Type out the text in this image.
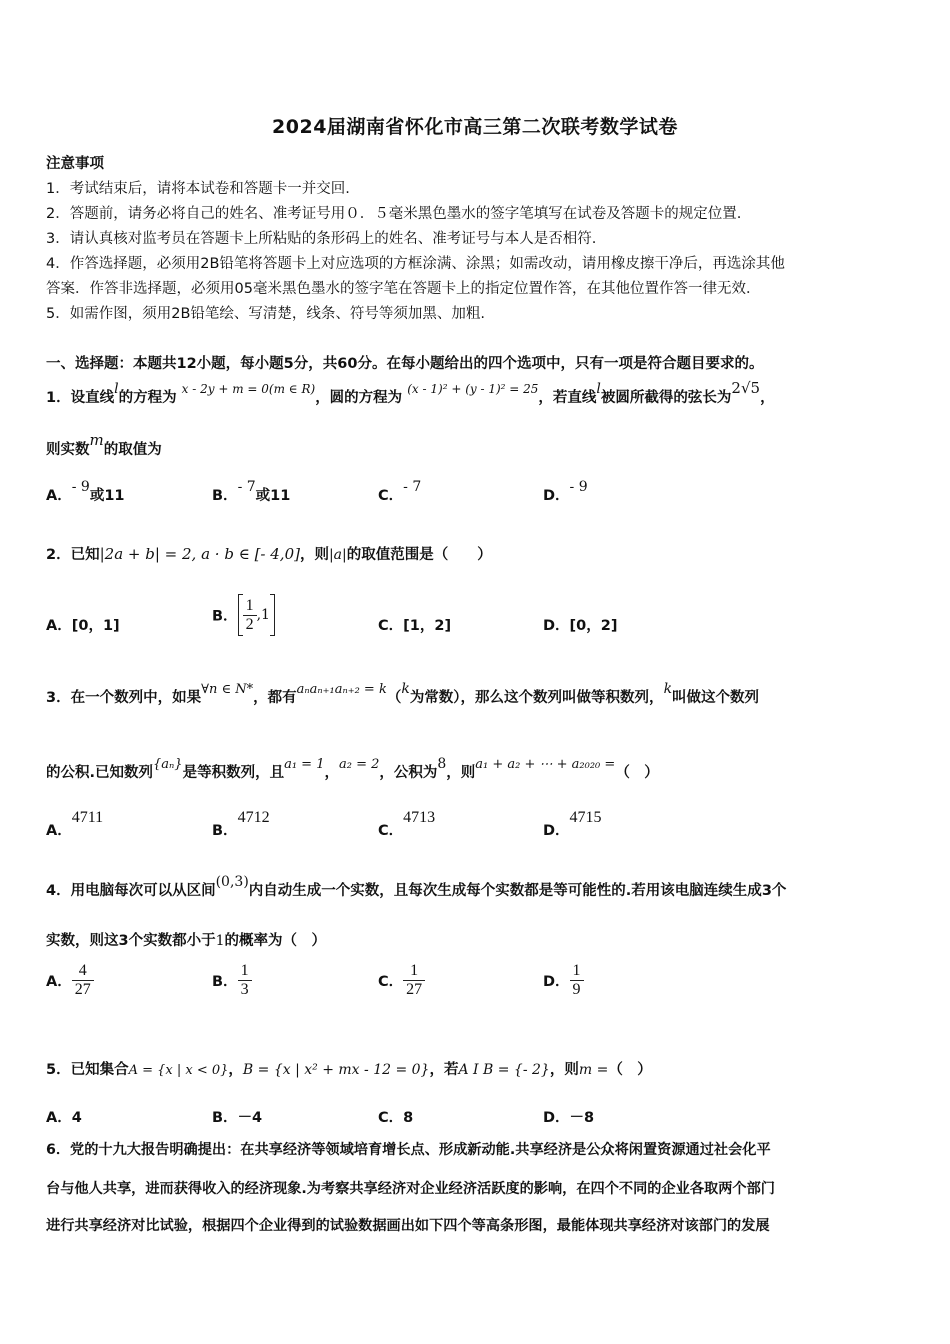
2024届湖南省怀化市高三第二次联考数学试卷
注意事项
1．考试结束后，请将本试卷和答题卡一并交回.
2．答题前，请务必将自己的姓名、准考证号用０．５毫米黑色墨水的签字笔填写在试卷及答题卡的规定位置.
3．请认真核对监考员在答题卡上所粘贴的条形码上的姓名、准考证号与本人是否相符.
4．作答选择题，必须用2B铅笔将答题卡上对应选项的方框涂满、涂黑；如需改动，请用橡皮擦干净后，再选涂其他
答案．作答非选择题，必须用05毫米黑色墨水的签字笔在答题卡上的指定位置作答，在其他位置作答一律无效．
5．如需作图，须用2B铅笔绘、写清楚，线条、符号等须加黑、加粗.
一、选择题：本题共12小题，每小题5分，共60分。在每小题给出的四个选项中，只有一项是符合题目要求的。
1．设直线l的方程为 $^{x - 2y + m = 0(m \in R)}$，圆的方程为 $^{(x - 1)^2 + (y - 1)^2 = 25}$，若直线l被圆所截得的弦长为2√5，
则实数m的取值为
A．- 9或11	B．- 7或11	C．- 7
D．- 9
2．已知|2a + b| = 2, a · b ∈ [- 4,0]，则|a|的取值范围是（　　）
A．[0，1]
B． $\frac{1}{2} ,1$
C．[1，2]	D．[0，2]
3．在一个数列中，如果∀n ∈ N*，都有aₙaₙ₊₁aₙ₊₂ = k（k为常数），那么这个数列叫做等积数列，k叫做这个数列
的公积.已知数列{aₙ}是等积数列，且a₁ = 1，a₂ = 2，公积为8，则a₁ + a₂ + ⋯ + a₂₀₂₀ =（　）
A．4711
B．4712
C．4713
D．4715
4．用电脑每次可以从区间(0,3)内自动生成一个实数，且每次生成每个实数都是等可能性的.若用该电脑连续生成3个
实数，则这3个实数都小于1的概率为（　）
A． $\frac{4}{27}$	B． $\frac{1}{3}$	C． $\frac{1}{27}$	D． $\frac{1}{9}$
5．已知集合A = {x | x < 0}，B = {x | x² + mx - 12 = 0}，若A I B = {- 2}，则m =（　）
A．4	B．－4	C．8	D．－8
6．党的十九大报告明确提出：在共享经济等领域培育增长点、形成新动能.共享经济是公众将闲置资源通过社会化平
台与他人共享，进而获得收入的经济现象.为考察共享经济对企业经济活跃度的影响，在四个不同的企业各取两个部门
进行共享经济对比试验，根据四个企业得到的试验数据画出如下四个等高条形图，最能体现共享经济对该部门的发展
